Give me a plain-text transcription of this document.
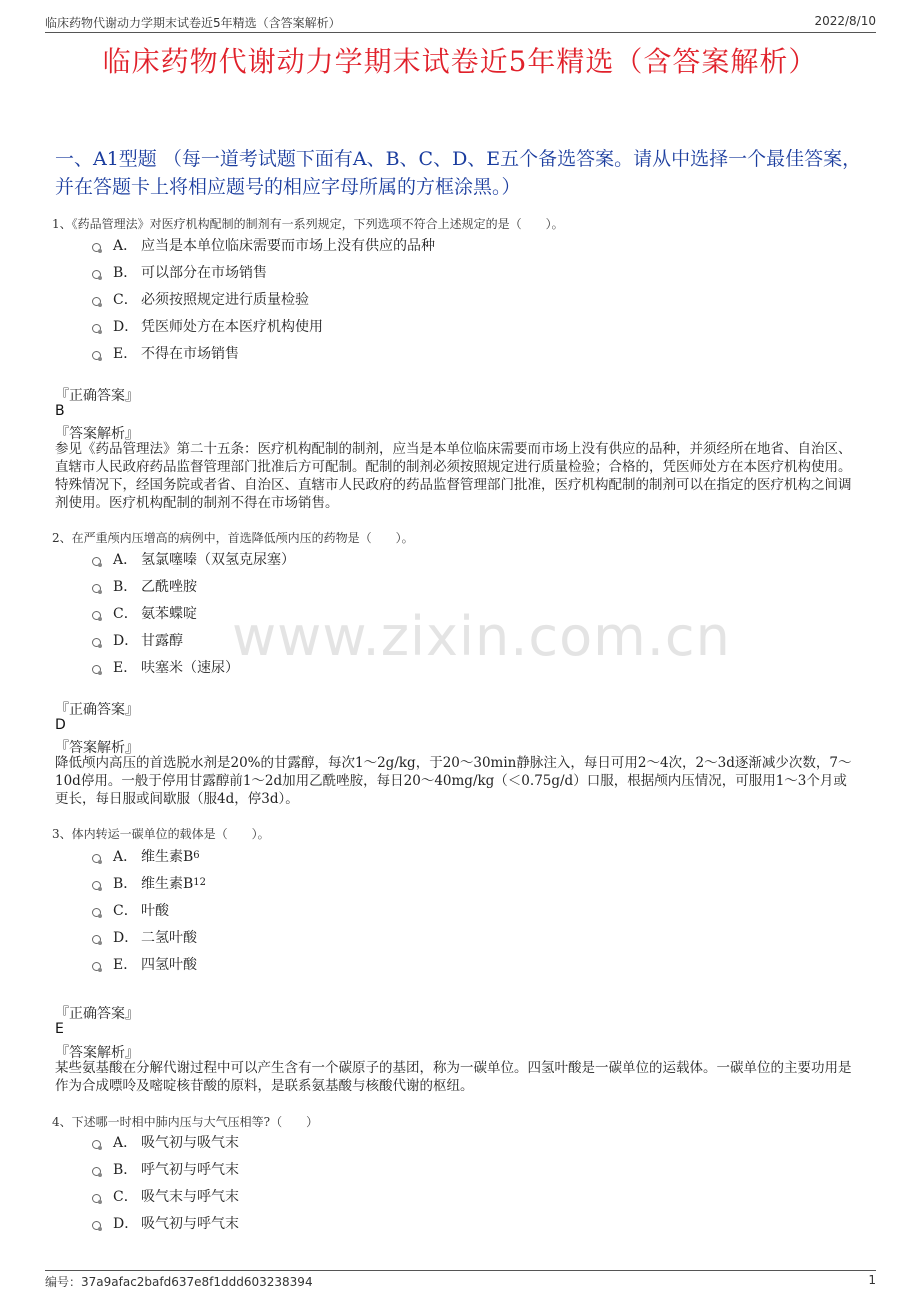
临床药物代谢动力学期末试卷近5年精选（含答案解析）	2022/8/10
临床药物代谢动力学期末试卷近5年精选（含答案解析）
一、A1型题 （每一道考试题下面有A、B、C、D、E五个备选答案。请从中选择一个最佳答案，并在答题卡上将相应题号的相应字母所属的方框涂黑。）
www.zixin.com.cn
1、《药品管理法》对医疗机构配制的制剂有一系列规定，下列选项不符合上述规定的是（　　）。
A． 应当是本单位临床需要而市场上没有供应的品种
B． 可以部分在市场销售
C． 必须按照规定进行质量检验
D． 凭医师处方在本医疗机构使用
E． 不得在市场销售
『正确答案』
B
『答案解析』
参见《药品管理法》第二十五条：医疗机构配制的制剂，应当是本单位临床需要而市场上没有供应的品种，并须经所在地省、自治区、直辖市人民政府药品监督管理部门批准后方可配制。配制的制剂必须按照规定进行质量检验；合格的，凭医师处方在本医疗机构使用。特殊情况下，经国务院或者省、自治区、直辖市人民政府的药品监督管理部门批准，医疗机构配制的制剂可以在指定的医疗机构之间调剂使用。医疗机构配制的制剂不得在市场销售。
2、在严重颅内压增高的病例中，首选降低颅内压的药物是（　　）。
A． 氢氯噻嗪（双氢克尿塞）
B． 乙酰唑胺
C． 氨苯蝶啶
D． 甘露醇
E． 呋塞米（速尿）
『正确答案』
D
『答案解析』
降低颅内高压的首选脱水剂是20%的甘露醇，每次1～2g/kg，于20～30min静脉注入，每日可用2～4次，2～3d逐渐减少次数，7～10d停用。一般于停用甘露醇前1～2d加用乙酰唑胺，每日20～40mg/kg（＜0.75g/d）口服，根据颅内压情况，可服用1～3个月或更长，每日服或间歇服（服4d，停3d）。
3、体内转运一碳单位的载体是（　　）。
A． 维生素B 6
B． 维生素B 12
C． 叶酸
D． 二氢叶酸
E． 四氢叶酸
『正确答案』
E
『答案解析』
某些氨基酸在分解代谢过程中可以产生含有一个碳原子的基团，称为一碳单位。四氢叶酸是一碳单位的运载体。一碳单位的主要功用是作为合成嘌呤及嘧啶核苷酸的原料，是联系氨基酸与核酸代谢的枢纽。
4、下述哪一时相中肺内压与大气压相等?（　　）
A． 吸气初与吸气末
B． 呼气初与呼气末
C． 吸气末与呼气末
D． 吸气初与呼气末
编号：37a9afac2bafd637e8f1ddd603238394	1
